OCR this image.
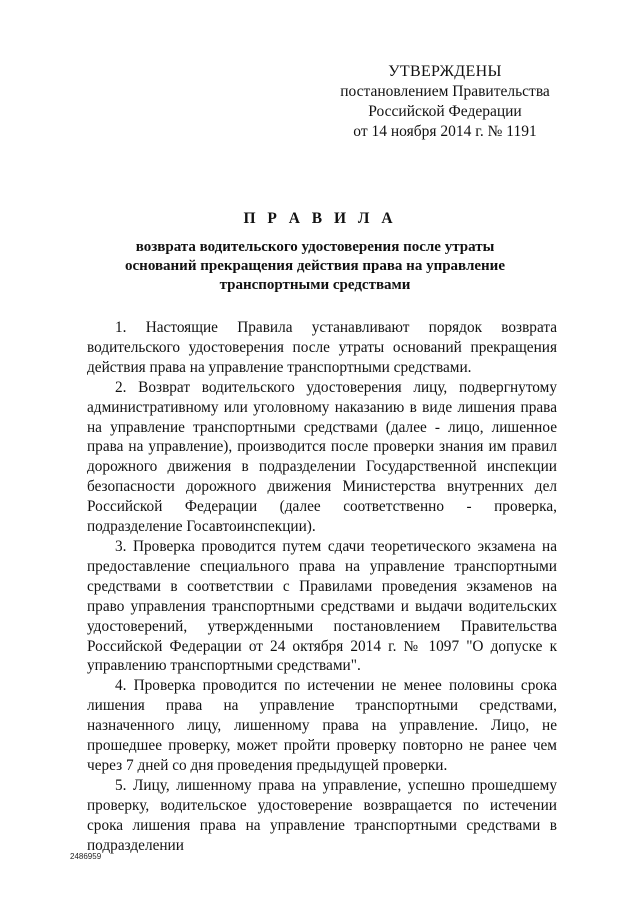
УТВЕРЖДЕНЫ
постановлением Правительства
Российской Федерации
от 14 ноября 2014 г. № 1191
П Р А В И Л А
возврата водительского удостоверения после утраты оснований прекращения действия права на управление транспортными средствами

1. Настоящие Правила устанавливают порядок возврата водительского удостоверения после утраты оснований прекращения действия права на управление транспортными средствами.

2. Возврат водительского удостоверения лицу, подвергнутому административному или уголовному наказанию в виде лишения права на управление транспортными средствами (далее - лицо, лишенное права на управление), производится после проверки знания им правил дорожного движения в подразделении Государственной инспекции безопасности дорожного движения Министерства внутренних дел Российской Федерации (далее соответственно - проверка, подразделение Госавтоинспекции).

3. Проверка проводится путем сдачи теоретического экзамена на предоставление специального права на управление транспортными средствами в соответствии с Правилами проведения экзаменов на право управления транспортными средствами и выдачи водительских удостоверений, утвержденными постановлением Правительства Российской Федерации от 24 октября 2014 г. № 1097 "О допуске к управлению транспортными средствами".

4. Проверка проводится по истечении не менее половины срока лишения права на управление транспортными средствами, назначенного лицу, лишенному права на управление. Лицо, не прошедшее проверку, может пройти проверку повторно не ранее чем через 7 дней со дня проведения предыдущей проверки.

5. Лицу, лишенному права на управление, успешно прошедшему проверку, водительское удостоверение возвращается по истечении срока лишения права на управление транспортными средствами в подразделении

2486959
